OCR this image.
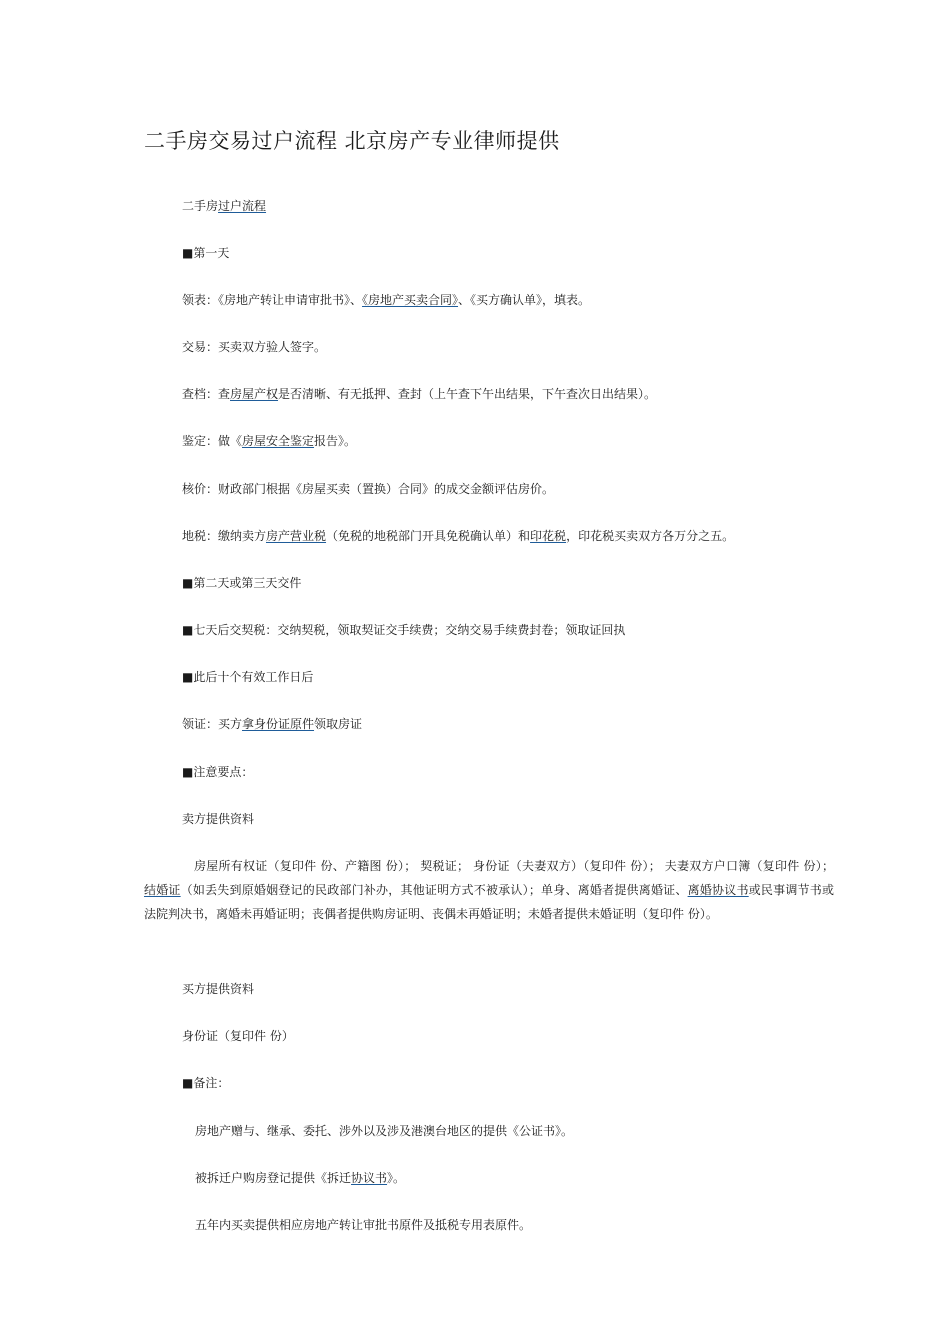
二手房交易过户流程 北京房产专业律师提供
二手房过户流程
■第一天
领表：《房地产转让申请审批书》、《房地产买卖合同》、《买方确认单》，填表。
交易：买卖双方验人签字。
查档：查房屋产权是否清晰、有无抵押、查封（上午查下午出结果，下午查次日出结果）。
鉴定：做《房屋安全鉴定报告》。
核价：财政部门根据《房屋买卖（置换）合同》的成交金额评估房价。
地税：缴纳卖方房产营业税（免税的地税部门开具免税确认单）和印花税，印花税买卖双方各万分之五。
■第二天或第三天交件
■七天后交契税：交纳契税，领取契证交手续费；交纳交易手续费封卷；领取证回执
■此后十个有效工作日后
领证：买方拿身份证原件领取房证
■注意要点：
卖方提供资料
房屋所有权证（复印件 份、产籍图 份）； 契税证； 身份证（夫妻双方）（复印件 份）； 夫妻双方户口簿（复印件 份）； 结婚证（如丢失到原婚姻登记的民政部门补办，其他证明方式不被承认）；单身、离婚者提供离婚证、离婚协议书或民事调节书或法院判决书，离婚未再婚证明；丧偶者提供购房证明、丧偶未再婚证明；未婚者提供未婚证明（复印件 份）。
买方提供资料
身份证（复印件 份）
■备注：
房地产赠与、继承、委托、涉外以及涉及港澳台地区的提供《公证书》。
被拆迁户购房登记提供《拆迁协议书》。
五年内买卖提供相应房地产转让审批书原件及抵税专用表原件。
